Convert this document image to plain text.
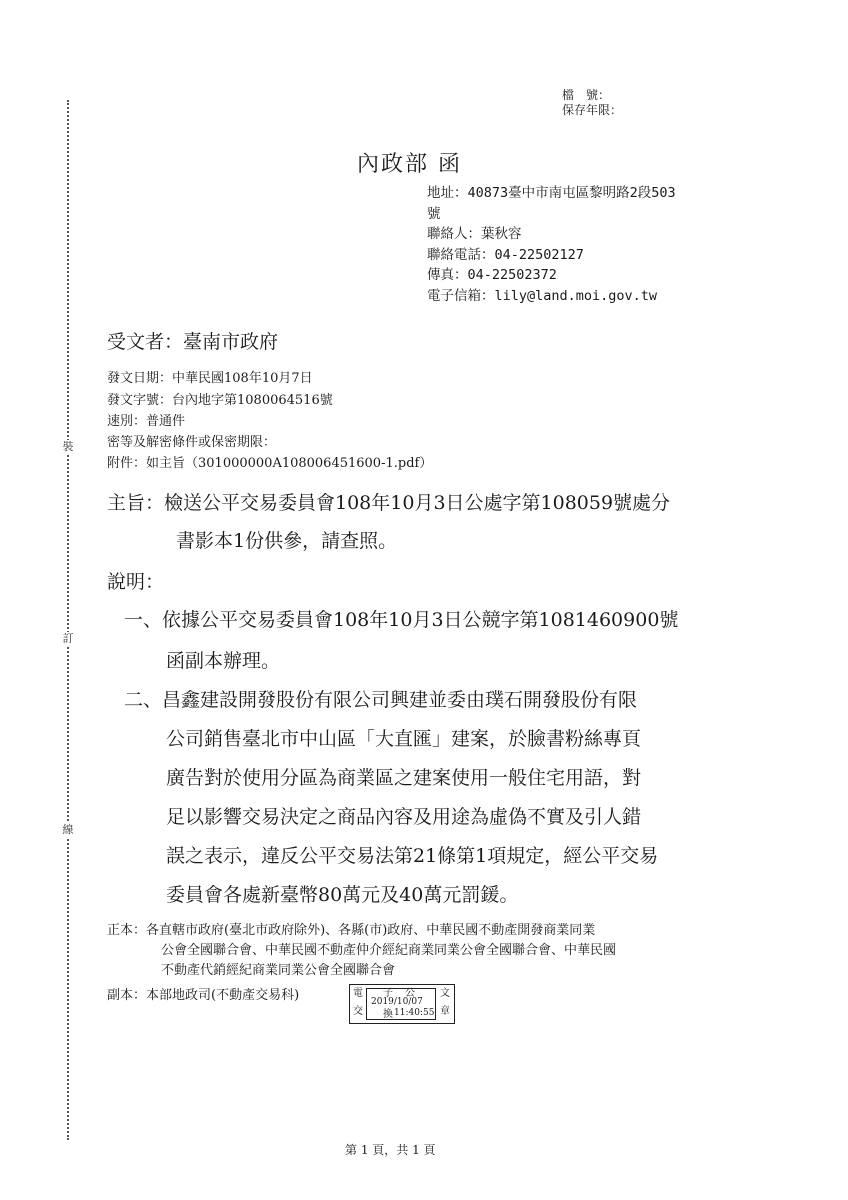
裝
訂
線
檔　號：
保存年限：
內政部 函
地址：40873臺中市南屯區黎明路2段503
號
聯絡人：葉秋容
聯絡電話：04-22502127
傳真：04-22502372
電子信箱：lily@land.moi.gov.tw
受文者：臺南市政府
發文日期：中華民國108年10月7日
發文字號：台內地字第1080064516號
速別：普通件
密等及解密條件或保密期限：
附件：如主旨（301000000A108006451600-1.pdf）
主旨：檢送公平交易委員會108年10月3日公處字第108059號處分
書影本1份供參，請查照。
說明：
一、依據公平交易委員會108年10月3日公競字第1081460900號
函副本辦理。
二、昌鑫建設開發股份有限公司興建並委由璞石開發股份有限
公司銷售臺北市中山區「大直匯」建案，於臉書粉絲專頁
廣告對於使用分區為商業區之建案使用一般住宅用語，對
足以影響交易決定之商品內容及用途為虛偽不實及引人錯
誤之表示，違反公平交易法第21條第1項規定，經公平交易
委員會各處新臺幣80萬元及40萬元罰鍰。
正本：各直轄市政府(臺北市政府除外)、各縣(市)政府、中華民國不動產開發商業同業
公會全國聯合會、中華民國不動產仲介經紀商業同業公會全國聯合會、中華民國
不動產代銷經紀商業同業公會全國聯合會
副本：本部地政司(不動產交易科)	電
交
子 公
換
文
章
2019/10/07
11:40:55
第 1 頁，共 1 頁
